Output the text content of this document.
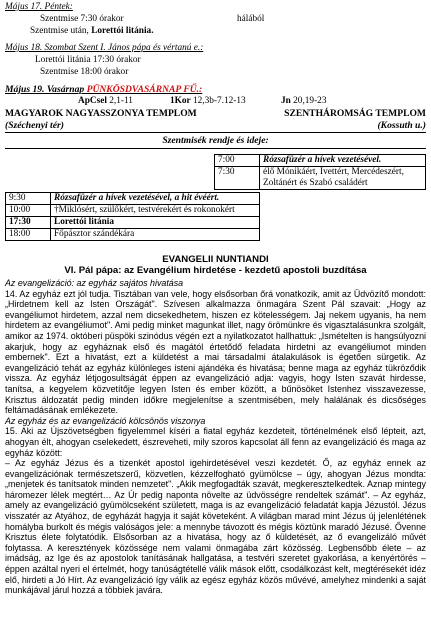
Május 17. Péntek:
Szentmise 7:30 órakor	hálából
Szentmise után, Lorettói litánia.
Május 18. Szombat Szent I. János pápa és vértanú e.:
Lorettói litánia 17:30 órakor
Szentmise 18:00 órakor
Május 19. Vasárnap PÜNKÖSDVASÁRNAP FŰ.:
ApCsel 2,1-11	1Kor 12,3b-7.12-13	Jn 20,19-23
MAGYAROK NAGYASSZONYA TEMPLOM	SZENTHÁROMSÁG TEMPLOM
(Széchenyi tér)	(Kossuth u.)
Szentmisék rendje és ideje:
7:00	Rózsafüzér a hívek vezetésével.
7:30	élő Mónikáért, Ivettért, Mercédeszért, Zoltánért és Szabó családért
9:30	Rózsafüzér a hívek vezetésével, a hit évéért.
10:00	†Miklósért, szülőkért, testvérekért és rokonokért
17:30	Lorettói litánia
18:00	Főpásztor szándékára
EVANGELII NUNTIANDI
VI. Pál pápa: az Evangélium hirdetése - kezdetű apostoli buzdítása

Az evangelizáció: az egyház sajátos hivatása

14. Az egyház ezt jól tudja. Tisztában van vele, hogy elsősorban őrá vonatkozik, amit az Üdvözítő mondott: „Hirdetnem kell az Isten Országát". Szívesen alkalmazza önmagára Szent Pál szavait: „Hogy az evangéliumot hirdetem, azzal nem dicsekedhetem, hiszen ez kötelességem. Jaj nekem ugyanis, ha nem hirdetem az evangéliumot". Ami pedig minket magunkat illet, nagy örömünkre és vigasztalásunkra szolgált, amikor az 1974. októberi püspöki szinódus végén ezt a nyilatkozatot hallhattuk: „Ismételten is hangsúlyozni akarjuk, hogy az egyháznak első és magától értetődő feladata hirdetni az evangéliumot minden embernek". Ezt a hivatást, ezt a küldetést a mai társadalmi átalakulások is égetően sürgetik. Az evangelizáció tehát az egyház különleges isteni ajándéka és hivatása; benne maga az egyház tükröződik vissza. Az egyház létjogosultságát éppen az evangelizáció adja: vagyis, hogy Isten szavát hirdesse, tanítsa, a kegyelem közvetítője legyen Isten és ember között, a bűnösöket Istenhez visszavezesse, Krisztus áldozatát pedig minden időkre megjelenítse a szentmisében, mely halálának és dicsőséges feltámadásának emlékezete.

Az egyház és az evangelizáció kölcsönös viszonya

15. Aki az Újszövetségben figyelemmel kíséri a fiatal egyház kezdeteit, történelmének első lépteit, azt, ahogyan élt, ahogyan cselekedett, észreveheti, mily szoros kapcsolat áll fenn az evangelizáció és maga az egyház között:

– Az egyház Jézus és a tizenkét apostol igehirdetésével veszi kezdetét. Ő, az egyház ennek az evangelizációnak természetszerű, közvetlen, kézzelfogható gyümölcse – úgy, ahogyan Jézus mondta: „menjetek és tanítsatok minden nemzetet". „Akik megfogadták szavát, megkeresztelkedtek. Aznap mintegy háromezer lélek megtért… Az Úr pedig naponta növelte az üdvösségre rendeltek számát". – Az egyház, amely az evangelizáció gyümölcseként született, maga is az evangelizáció feladatát kapja Jézustól. Jézus visszatér az Atyához, de egyházát hagyja it saját követeként. A világban marad mint Jézus új jelenlétének homályba burkolt és mégis valóságos jele: a mennybe távozott és mégis köztünk maradó Jézusé. Ővenne Krisztus élete folytatódik. Elsősorban az a hivatása, hogy az ő küldetését, az ő evangelizáló művét folytassa. A keresztények közössége nem valami önmagába zárt közösség. Legbensőbb élete – az imádság, az Ige és az apostolok tanításának hallgatása, a testvéri szeretet gyakorlása, a kenyértörés – éppen azáltal nyeri el értelmét, hogy tanúságtétellé válik mások előtt, csodálkozást kelt, megtérésekét idéz elő, hirdeti a Jó Hírt. Az evangelizáció így válik az egész egyház közös művévé, amelyhez mindenki a saját munkájával járul hozzá a többiek javára.
